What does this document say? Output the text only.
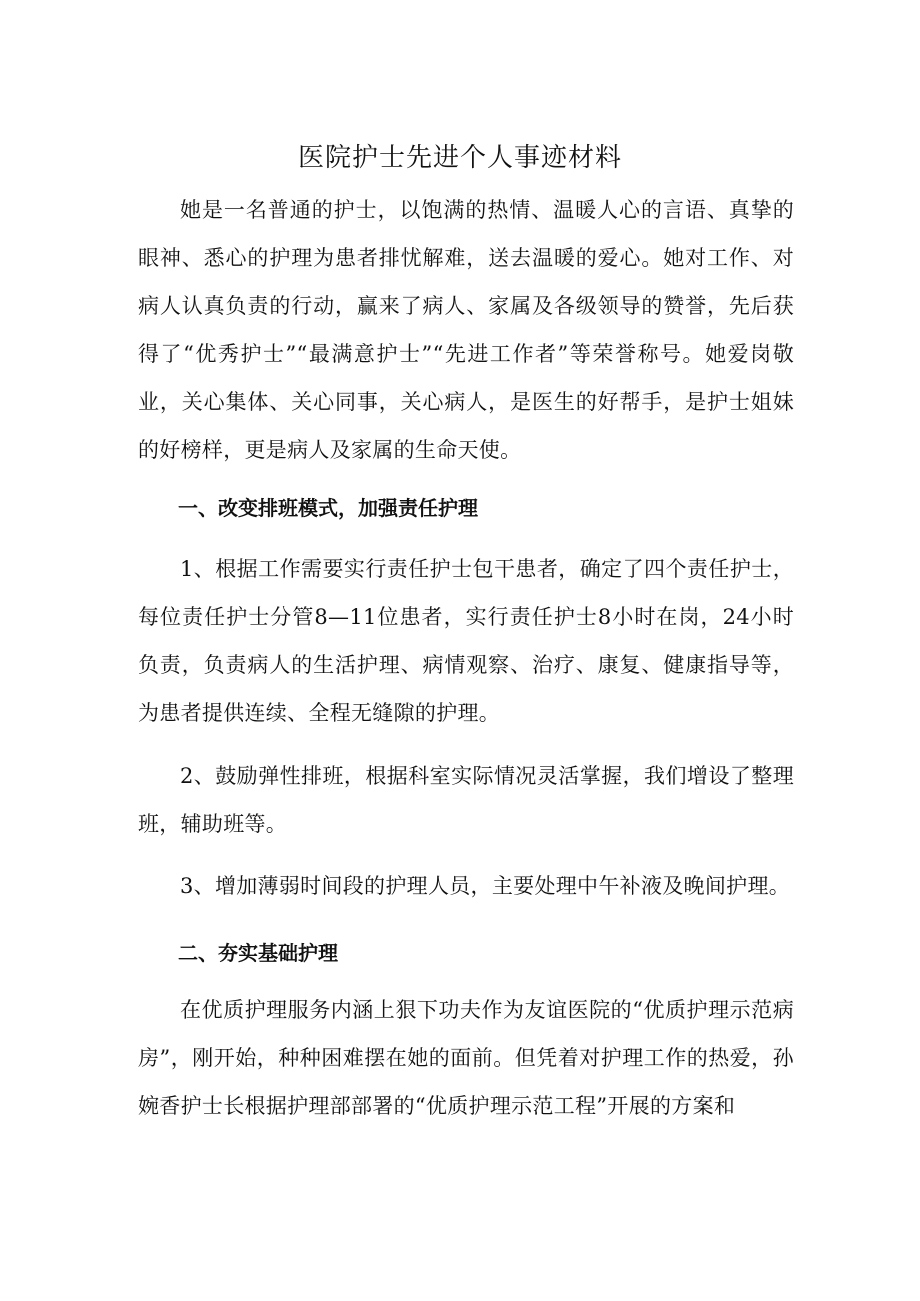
医院护士先进个人事迹材料

她是一名普通的护士，以饱满的热情、温暖人心的言语、真挚的眼神、悉心的护理为患者排忧解难，送去温暖的爱心。她对工作、对病人认真负责的行动，赢来了病人、家属及各级领导的赞誉，先后获得了“优秀护士”“最满意护士”“先进工作者”等荣誉称号。她爱岗敬业，关心集体、关心同事，关心病人，是医生的好帮手，是护士姐妹的好榜样，更是病人及家属的生命天使。

一、改变排班模式，加强责任护理

1、根据工作需要实行责任护士包干患者，确定了四个责任护士，每位责任护士分管8—11位患者，实行责任护士8小时在岗，24小时负责，负责病人的生活护理、病情观察、治疗、康复、健康指导等，为患者提供连续、全程无缝隙的护理。

2、鼓励弹性排班，根据科室实际情况灵活掌握，我们增设了整理班，辅助班等。

3、增加薄弱时间段的护理人员，主要处理中午补液及晚间护理。

二、夯实基础护理

在优质护理服务内涵上狠下功夫作为友谊医院的“优质护理示范病房”，刚开始，种种困难摆在她的面前。但凭着对护理工作的热爱，孙婉香护士长根据护理部部署的“优质护理示范工程”开展的方案和
